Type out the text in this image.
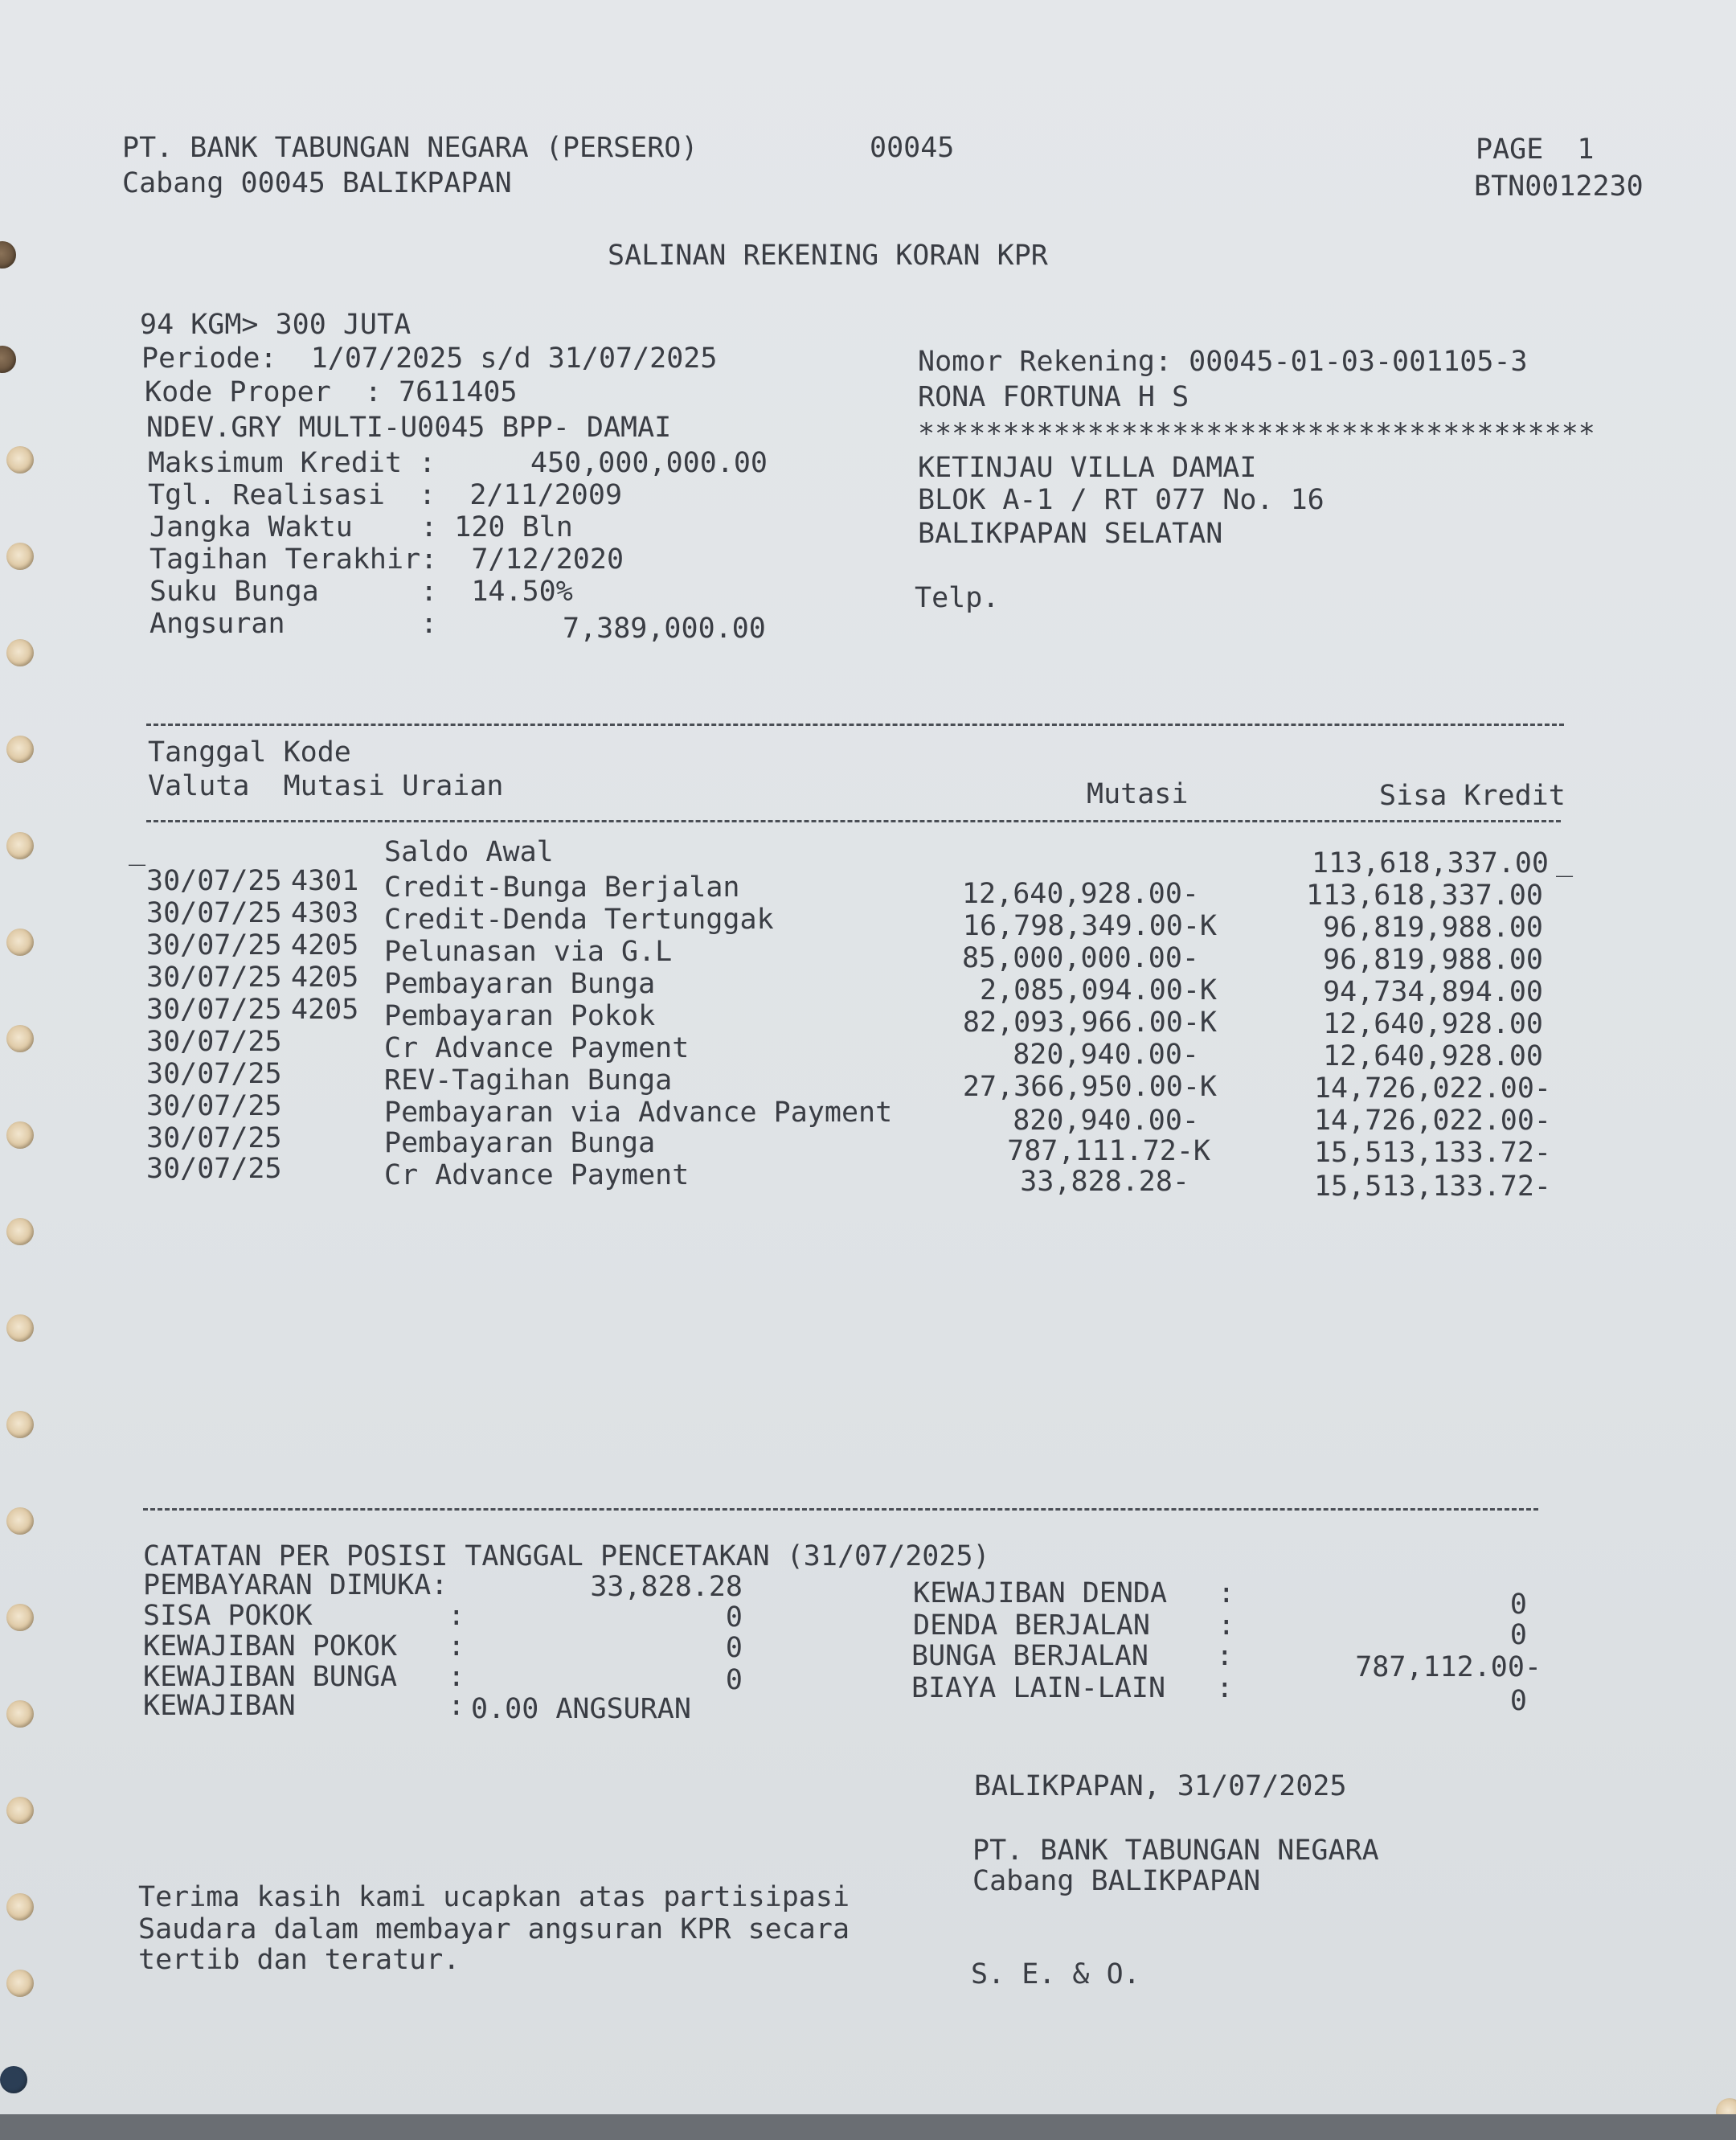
PT. BANK TABUNGAN NEGARA (PERSERO)
Cabang 00045 BALIKPAPAN
00045	PAGE  1
BTN0012230
SALINAN REKENING KORAN KPR
94 KGM> 300 JUTA
Periode:  1/07/2025 s/d 31/07/2025
Kode Proper  : 7611405
NDEV.GRY MULTI-U0045 BPP- DAMAI
Maksimum Kredit :	450,000,000.00
Tgl. Realisasi  :  2/11/2009
Jangka Waktu    : 120 Bln
Tagihan Terakhir:  7/12/2020
Suku Bunga      :  14.50%
Angsuran        :	7,389,000.00
Nomor Rekening: 00045-01-03-001105-3
RONA FORTUNA H S
****************************************
KETINJAU VILLA DAMAI
BLOK A-1 / RT 077 No. 16
BALIKPAPAN SELATAN
Telp.
Tanggal Kode
Valuta  Mutasi Uraian	Mutasi	Sisa Kredit
_	Saldo Awal	113,618,337.00 _
30/07/25 4301 Credit-Bunga Berjalan	12,640,928.00-	113,618,337.00
30/07/25 4303 Credit-Denda Tertunggak	16,798,349.00-K	96,819,988.00
30/07/25 4205 Pelunasan via G.L	85,000,000.00-	96,819,988.00
30/07/25 4205 Pembayaran Bunga	2,085,094.00-K	94,734,894.00
30/07/25 4205 Pembayaran Pokok	82,093,966.00-K	12,640,928.00
30/07/25	Cr Advance Payment	820,940.00-	12,640,928.00
30/07/25	REV-Tagihan Bunga	27,366,950.00-K	14,726,022.00-
30/07/25	Pembayaran via Advance Payment	820,940.00-	14,726,022.00-
30/07/25	Pembayaran Bunga	787,111.72-K	15,513,133.72-
30/07/25	Cr Advance Payment	33,828.28-	15,513,133.72-
CATATAN PER POSISI TANGGAL PENCETAKAN (31/07/2025)
PEMBAYARAN DIMUKA:	33,828.28
SISA POKOK        :	0
KEWAJIBAN POKOK   :	0
KEWAJIBAN BUNGA   :	0
KEWAJIBAN         : 0.00 ANGSURAN
KEWAJIBAN DENDA   :	0
DENDA BERJALAN    :	0
BUNGA BERJALAN    :	787,112.00-
BIAYA LAIN-LAIN   :	0
BALIKPAPAN, 31/07/2025
PT. BANK TABUNGAN NEGARA
Cabang BALIKPAPAN
S. E. & O.
Terima kasih kami ucapkan atas partisipasi
Saudara dalam membayar angsuran KPR secara
tertib dan teratur.
